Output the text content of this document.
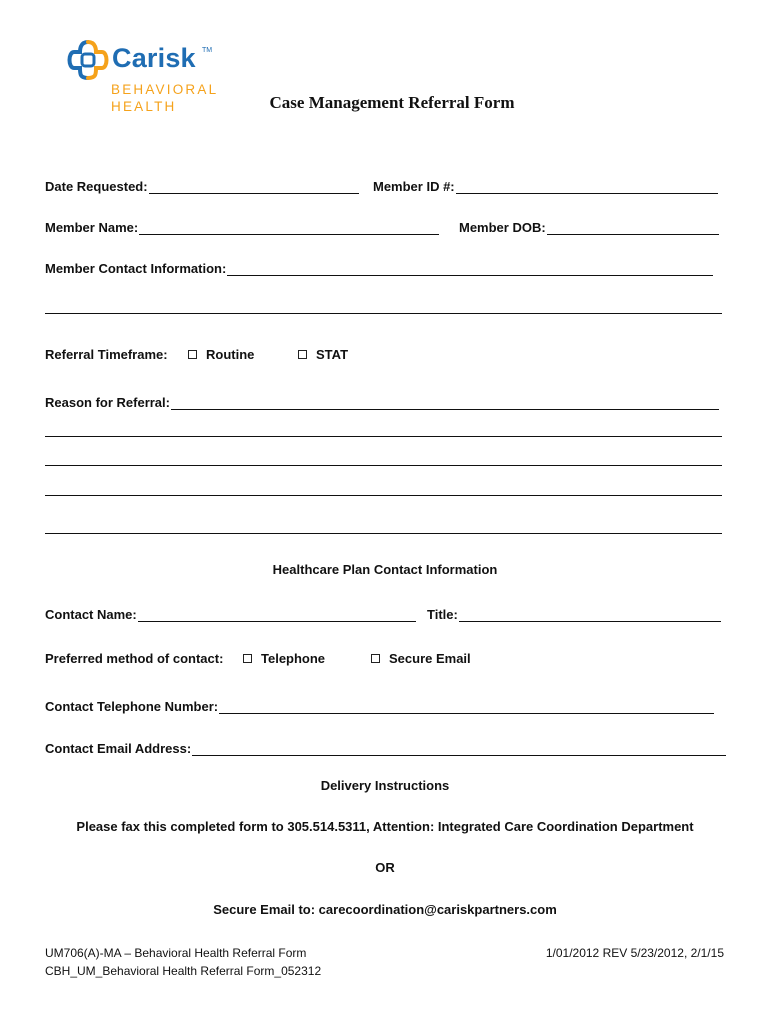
Carisk TM
BEHAVIORAL
HEALTH	Case Management Referral Form
Date Requested:	Member ID #:
Member Name:	Member DOB:
Member Contact Information:
Referral Timeframe:	Routine	STAT
Reason for Referral:
Healthcare Plan Contact Information
Contact Name:	Title:
Preferred method of contact:	Telephone	Secure Email
Contact Telephone Number:
Contact Email Address:
Delivery Instructions
Please fax this completed form to 305.514.5311, Attention: Integrated Care Coordination Department
OR
Secure Email to: carecoordination@cariskpartners.com
UM706(A)-MA – Behavioral Health Referral Form
CBH_UM_Behavioral Health Referral Form_052312
1/01/2012 REV 5/23/2012, 2/1/15
